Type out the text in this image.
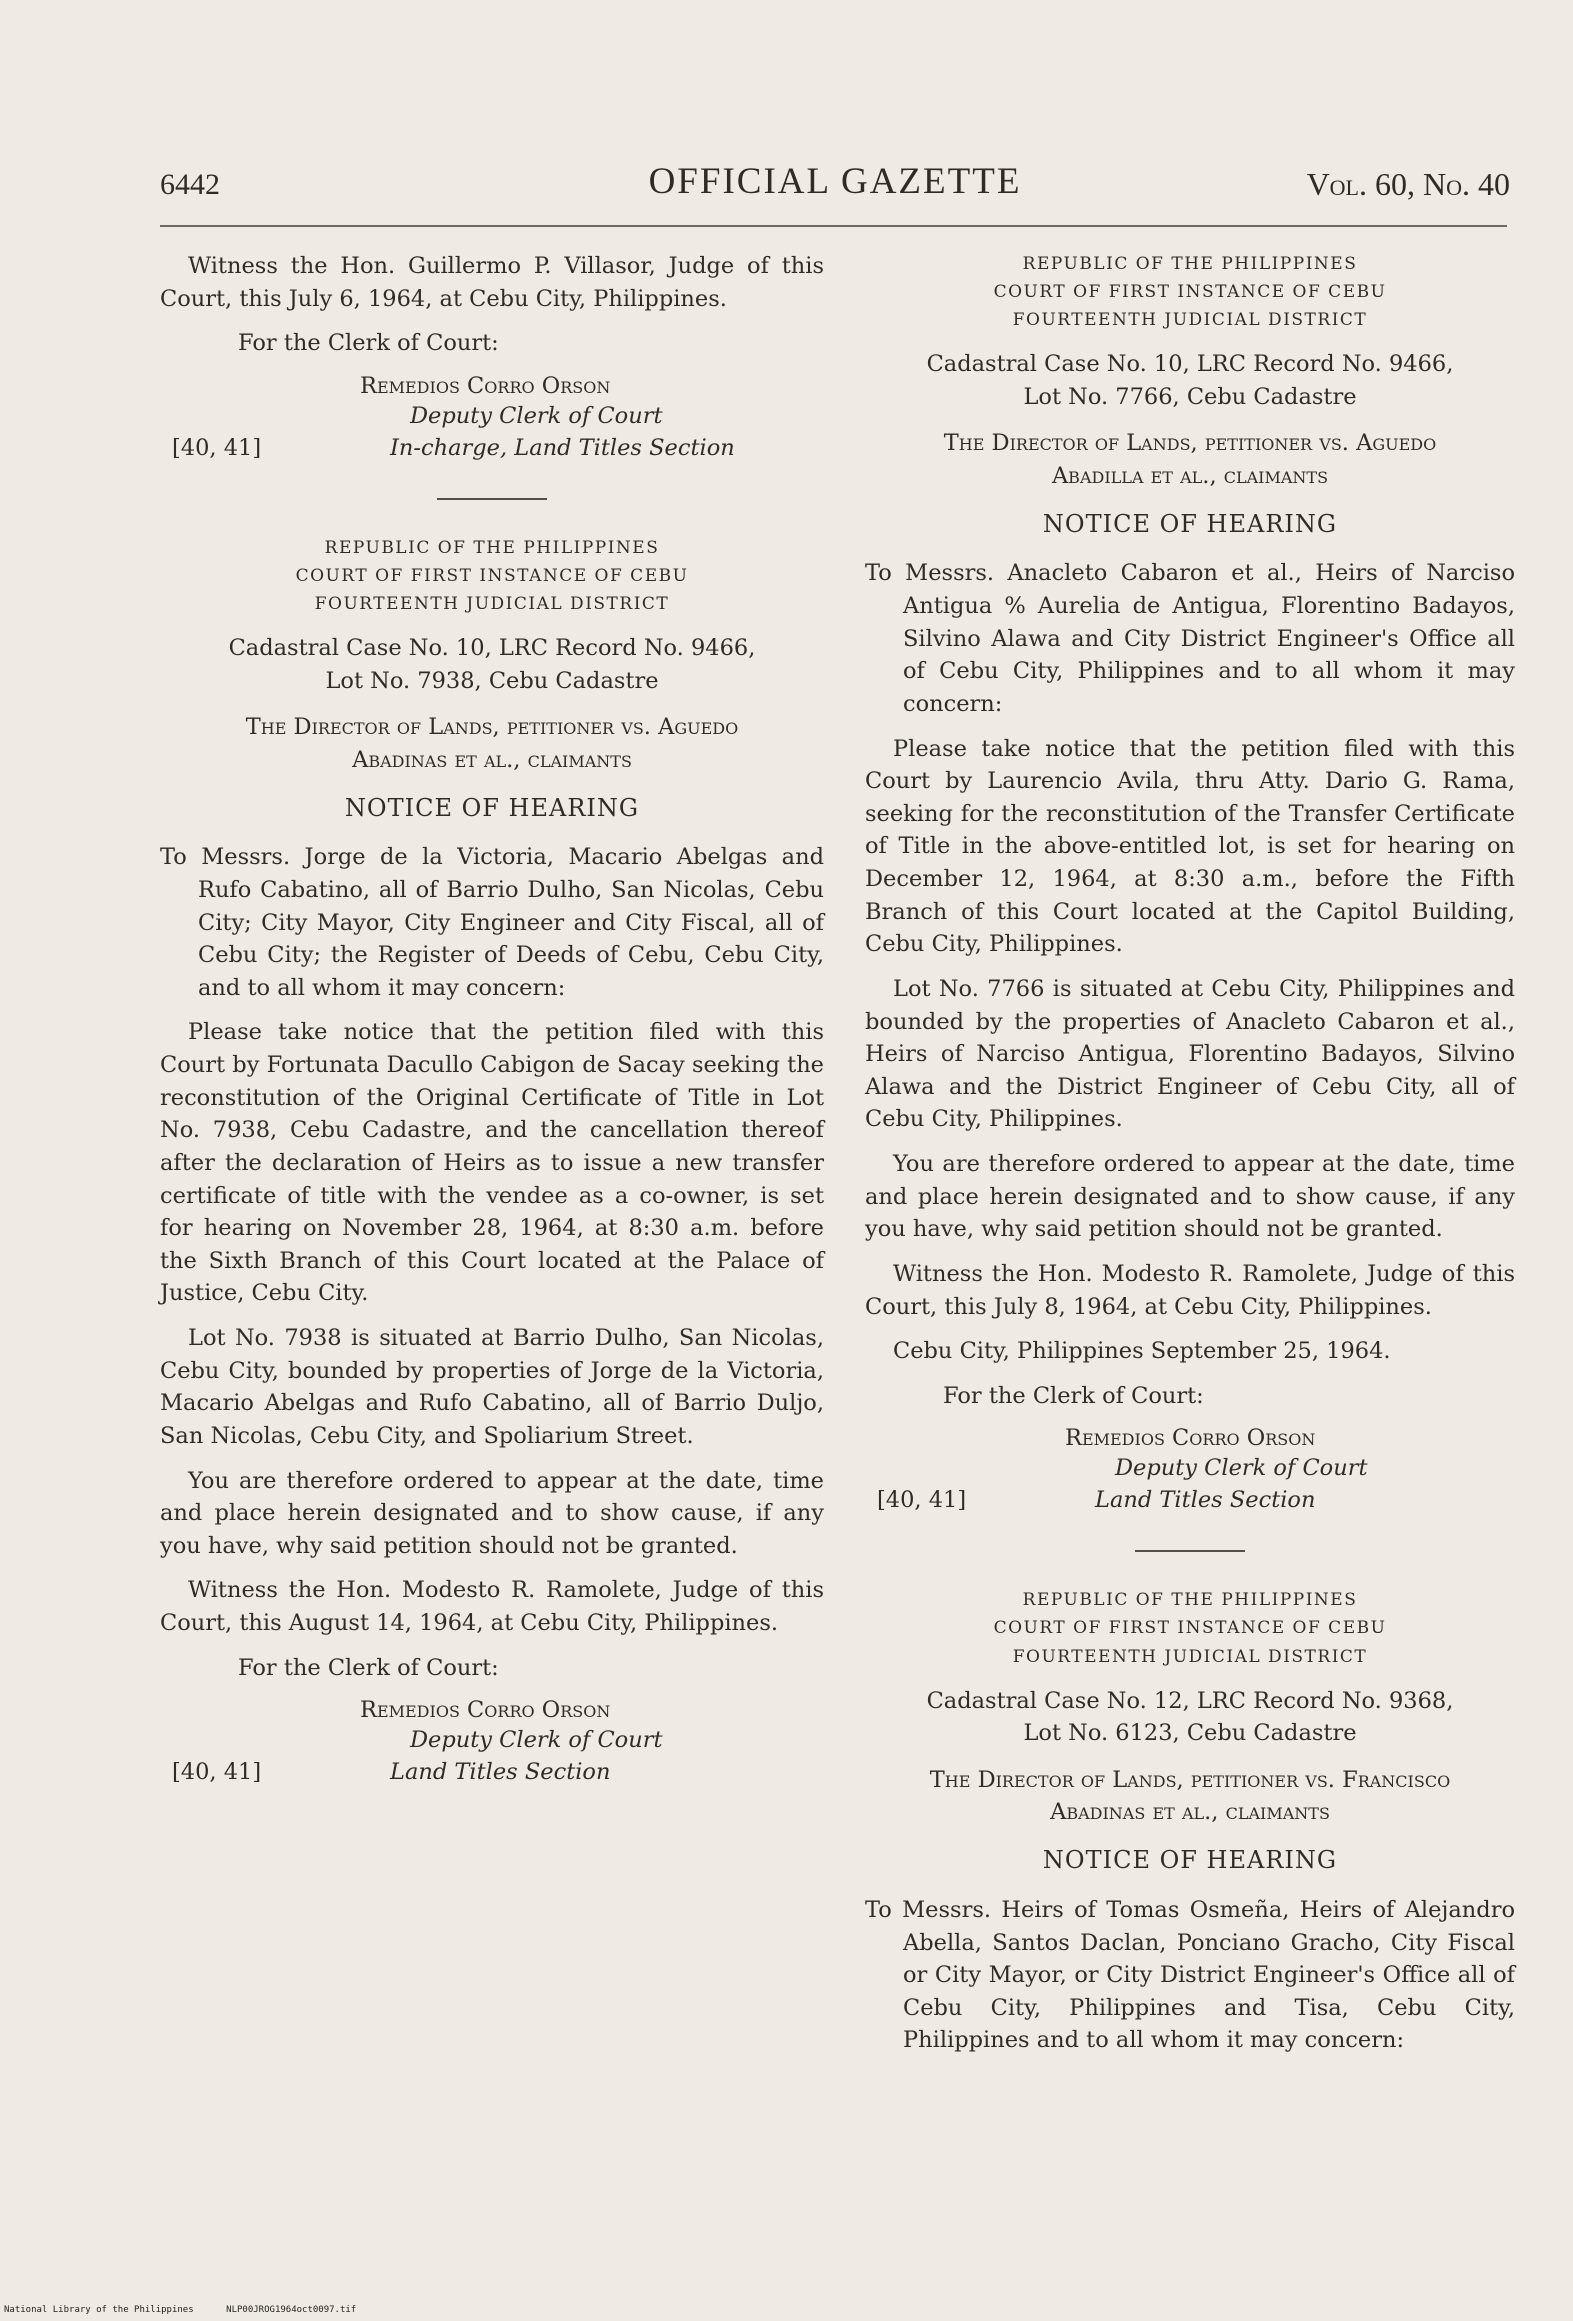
6442	OFFICIAL GAZETTE	Vol. 60, No. 40

Witness the Hon. Guillermo P. Villasor, Judge of this Court, this July 6, 1964, at Cebu City, Philippines.

For the Clerk of Court:

Remedios Corro Orson
Deputy Clerk of Court
[40, 41]	In-charge, Land Titles Section
REPUBLIC OF THE PHILIPPINES
COURT OF FIRST INSTANCE OF CEBU
FOURTEENTH JUDICIAL DISTRICT
Cadastral Case No. 10, LRC Record No. 9466,
Lot No. 7938, Cebu Cadastre
The Director of Lands, petitioner vs. Aguedo
Abadinas et al., claimants
NOTICE OF HEARING

To Messrs. Jorge de la Victoria, Macario Abelgas and Rufo Cabatino, all of Barrio Dulho, San Nicolas, Cebu City; City Mayor, City Engineer and City Fiscal, all of Cebu City; the Register of Deeds of Cebu, Cebu City, and to all whom it may concern:

Please take notice that the petition filed with this Court by Fortunata Dacullo Cabigon de Sacay seeking the reconstitution of the Original Certificate of Title in Lot No. 7938, Cebu Cadastre, and the cancellation thereof after the declaration of Heirs as to issue a new transfer certificate of title with the vendee as a co-owner, is set for hearing on November 28, 1964, at 8:30 a.m. before the Sixth Branch of this Court located at the Palace of Justice, Cebu City.

Lot No. 7938 is situated at Barrio Dulho, San Nicolas, Cebu City, bounded by properties of Jorge de la Victoria, Macario Abelgas and Rufo Cabatino, all of Barrio Duljo, San Nicolas, Cebu City, and Spoliarium Street.

You are therefore ordered to appear at the date, time and place herein designated and to show cause, if any you have, why said petition should not be granted.

Witness the Hon. Modesto R. Ramolete, Judge of this Court, this August 14, 1964, at Cebu City, Philippines.

For the Clerk of Court:

Remedios Corro Orson
Deputy Clerk of Court
[40, 41]	Land Titles Section
REPUBLIC OF THE PHILIPPINES
COURT OF FIRST INSTANCE OF CEBU
FOURTEENTH JUDICIAL DISTRICT
Cadastral Case No. 10, LRC Record No. 9466,
Lot No. 7766, Cebu Cadastre
The Director of Lands, petitioner vs. Aguedo
Abadilla et al., claimants
NOTICE OF HEARING

To Messrs. Anacleto Cabaron et al., Heirs of Narciso Antigua % Aurelia de Antigua, Florentino Badayos, Silvino Alawa and City District Engineer's Office all of Cebu City, Philippines and to all whom it may concern:

Please take notice that the petition filed with this Court by Laurencio Avila, thru Atty. Dario G. Rama, seeking for the reconstitution of the Transfer Certificate of Title in the above-entitled lot, is set for hearing on December 12, 1964, at 8:30 a.m., before the Fifth Branch of this Court located at the Capitol Building, Cebu City, Philippines.

Lot No. 7766 is situated at Cebu City, Philippines and bounded by the properties of Anacleto Cabaron et al., Heirs of Narciso Antigua, Florentino Badayos, Silvino Alawa and the District Engineer of Cebu City, all of Cebu City, Philippines.

You are therefore ordered to appear at the date, time and place herein designated and to show cause, if any you have, why said petition should not be granted.

Witness the Hon. Modesto R. Ramolete, Judge of this Court, this July 8, 1964, at Cebu City, Philippines.

Cebu City, Philippines September 25, 1964.

For the Clerk of Court:

Remedios Corro Orson
Deputy Clerk of Court
[40, 41]	Land Titles Section
REPUBLIC OF THE PHILIPPINES
COURT OF FIRST INSTANCE OF CEBU
FOURTEENTH JUDICIAL DISTRICT
Cadastral Case No. 12, LRC Record No. 9368,
Lot No. 6123, Cebu Cadastre
The Director of Lands, petitioner vs. Francisco
Abadinas et al., claimants
NOTICE OF HEARING

To Messrs. Heirs of Tomas Osmeña, Heirs of Alejandro Abella, Santos Daclan, Ponciano Gracho, City Fiscal or City Mayor, or City District Engineer's Office all of Cebu City, Philippines and Tisa, Cebu City, Philippines and to all whom it may concern:

National Library of the Philippines	NLP00JROG1964oct0097.tif
